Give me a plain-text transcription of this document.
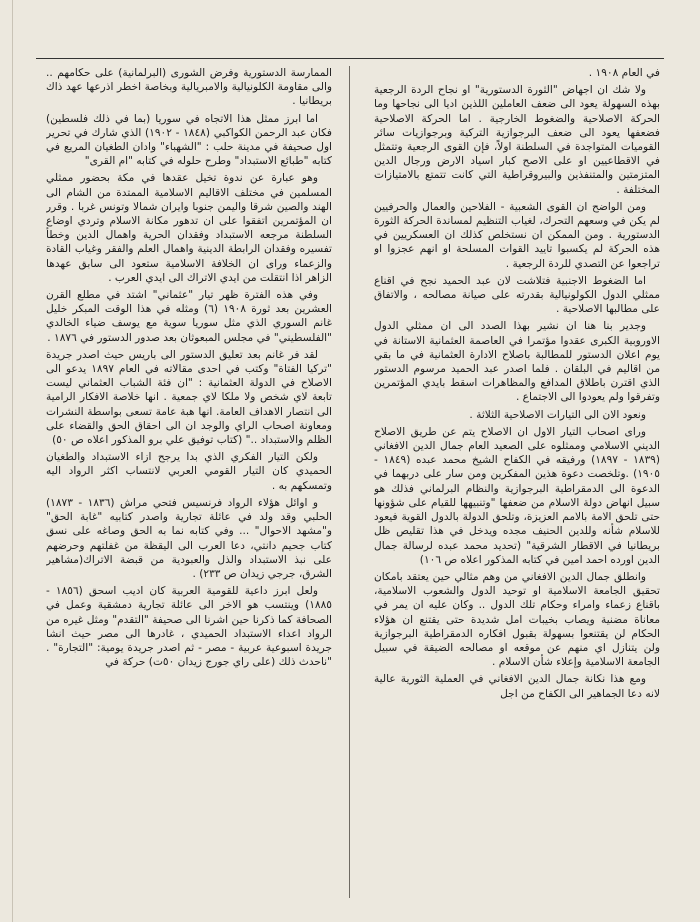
في العام ١٩٠٨ .

ولا شك ان اجهاض "الثورة الدستورية" او نجاح الردة الرجعية بهذه السهولة يعود الى ضعف العاملين اللذين اديا الى نجاحها وما الحركة الاصلاحية والضغوط الخارجية . اما الحركة الاصلاحية فضعفها يعود الى ضعف البرجوازية التركية وبرجوازيات سائر القوميات المتواجدة في السلطنة اولاً، فإن القوى الرجعية وتتمثل في الاقطاعيين او على الاصح كبار اسياد الارض ورجال الدين المتزمتين والمتنفذين والبيروقراطية التي كانت تتمتع بالامتيازات المختلفة .

ومن الواضح ان القوى الشعبية - الفلاحين والعمال والحرفيين لم يكن في وسعهم التحرك، لغياب التنظيم لمساندة الحركة الثورة الدستورية . ومن الممكن ان نستخلص كذلك ان العسكريين في هذه الحركة لم يكسبوا تاييد القوات المسلحة او انهم عجزوا او تراجعوا عن التصدي للردة الرجعية .

اما الضغوط الاجنبية فتلاشت لان عبد الحميد نجح في اقناع ممثلي الدول الكولونيالية بقدرته على صيانة مصالحه ، والاتفاق على مطالبها الاصلاحية .

وجدير بنا هنا ان نشير بهذا الصدد الى ان ممثلي الدول الاوروبية الكبرى عقدوا مؤتمرا في العاصمة العثمانية الاستانة في يوم اعلان الدستور للمطالبة باصلاح الادارة العثمانية في ما بقي من اقاليم في البلقان . فلما اصدر عبد الحميد مرسوم الدستور الذي اقترن باطلاق المدافع والمظاهرات اسقط بايدي المؤتمرين وتفرقوا ولم يعودوا الى الاجتماع .

ونعود الان الى التيارات الاصلاحية الثلاثة .

وراى اصحاب التيار الاول ان الاصلاح يتم عن طريق الاصلاح الديني الاسلامي وممثلوه على الصعيد العام جمال الدين الافغاني (١٨٣٩ - ١٨٩٧) ورفيقه في الكفاح الشيخ محمد عبده (١٨٤٩ - ١٩٠٥) .وتلخصت دعوة هذين المفكرين ومن سار على دربهما في الدعوة الى الدمقراطية البرجوازية والنظام البرلماني فذلك هو سبيل انهاض دولة الاسلام من ضعفها "وتنبيهها للقيام على شؤونها حتى تلحق الامة بالامم العزيزة، وتلحق الدولة بالدول القوية فيعود للاسلام شأنه وللدين الحنيف مجده ويدخل في هذا تقليص ظل بريطانيا في الاقطار الشرقية" (تحديد محمد عبده لرسالة جمال الدين اورده احمد امين في كتابه المذكور اعلاه ص ١٠٦)

وانطلق جمال الدين الافغاني من وهم مثالي حين يعتقد بامكان تحقيق الجامعة الاسلامية او توحيد الدول والشعوب الاسلامية، باقناع زعماء وامراء وحكام تلك الدول .. وكان عليه ان يمر في معاناة مضنية ويصاب بخيبات امل شديدة حتى يقتنع ان هؤلاء الحكام لن يقتنعوا بسهولة بقبول افكاره الدمقراطية البرجوازية ولن يتنازل اي منهم عن موقعه او مصالحه الضيقة في سبيل الجامعة الاسلامية وإعلاء شأن الاسلام .

ومع هذا نكانة جمال الدين الافغاني في العملية الثورية عالية لانه دعا الجماهير الى الكفاح من اجل

الممارسة الدستورية وفرض الشورى (البرلمانية) على حكامهم .. والى مقاومة الكلونيالية والامبريالية وبخاصة اخطر اذرعها عهد ذاك بريطانيا .

اما ابرز ممثل هذا الاتجاه في سوريا (بما في ذلك فلسطين) فكان عبد الرحمن الكواكبي (١٨٤٨ - ١٩٠٢) الذي شارك في تحرير اول صحيفة في مدينة حلب : "الشهباء" وادان الطغيان المريع في كتابه "طبائع الاستبداد" وطرح حلوله في كتابه "ام القرى"

وهو عبارة عن ندوة تخيل عقدها في مكة بحضور ممثلي المسلمين في مختلف الاقاليم الاسلامية الممتدة من الشام الى الهند والصين شرقا واليمن جنوبا وايران شمالا وتونس غربا . وقرر ان المؤتمرين اتفقوا على ان تدهور مكانة الاسلام وتردي اوضاع السلطنة مرجعه الاستبداد وفقدان الحرية واهمال الدين وخطأ تفسيره وفقدان الرابطة الدينية واهمال العلم والفقر وغياب القادة والزعماء وراى ان الخلافة الاسلامية ستعود الى سابق عهدها الزاهر اذا انتقلت من ايدي الاتراك الى ايدي العرب .

وفي هذه الفترة ظهر تيار "عثماني" اشتد في مطلع القرن العشرين بعد ثورة ١٩٠٨ (٦) ومثله في هذا الوقت المبكر خليل غانم السوري الذي مثل سوريا سوية مع يوسف ضياء الخالدي "الفلسطيني" في مجلس المبعوثان بعد صدور الدستور في ١٨٧٦ .

لقد فر غانم بعد تعليق الدستور الى باريس حيث اصدر جريدة "تركيا الفتاة" وكتب في احدى مقالاته في العام ١٨٩٧ يدعو الى الاصلاح في الدولة العثمانية : "ان فئة الشباب العثماني ليست تابعة لاي شخص ولا ملكا لاي جمعية . انها خلاصة الافكار الرامية الى انتصار الاهداف العامة. انها هبة عامة تسعى بواسطة النشرات ومعاونة اصحاب الراي والوجد ان الى احقاق الحق والقضاء على الظلم والاستبداد .." (كتاب توفيق علي برو المذكور اعلاه ص ٥٠)

ولكن التيار الفكري الذي بدا يرجح ازاء الاستبداد والطغيان الحميدي كان التيار القومي العربي لانتساب اكثر الرواد اليه وتمسكهم به .

و اوائل هؤلاء الرواد فرنسيس فتحي مراش (١٨٣٦ - ١٨٧٣) الحلبي وقد ولد في عائلة تجارية واصدر كتابيه "غابة الحق" و"مشهد الاحوال" ... وفي كتابه نما به الحق وصاغه على نسق كتاب جحيم دانتي، دعا العرب الى اليقظة من غفلتهم وحرضهم على نبذ الاستبداد والذل والعبودية من قبضة الاتراك(مشاهير الشرق، جرجي زيدان ص ٢٣٣) .

ولعل ابرز داعية للقومية العربية كان اديب اسحق (١٨٥٦ - ١٨٨٥) وينتسب هو الاخر الى عائلة تجارية دمشقية وعمل في الصحافة كما ذكرنا حين اشرنا الى صحيفة "التقدم" ومثل غيره من الرواد اعداء الاستبداد الحميدي ، غادرها الى مصر حيث انشا جريدة اسبوعية عربية - مصر - ثم اصدر جريدة يومية: "التجارة" . "ناحدث ذلك (على راي جورج زيدان ٥٠ت) حركة في
